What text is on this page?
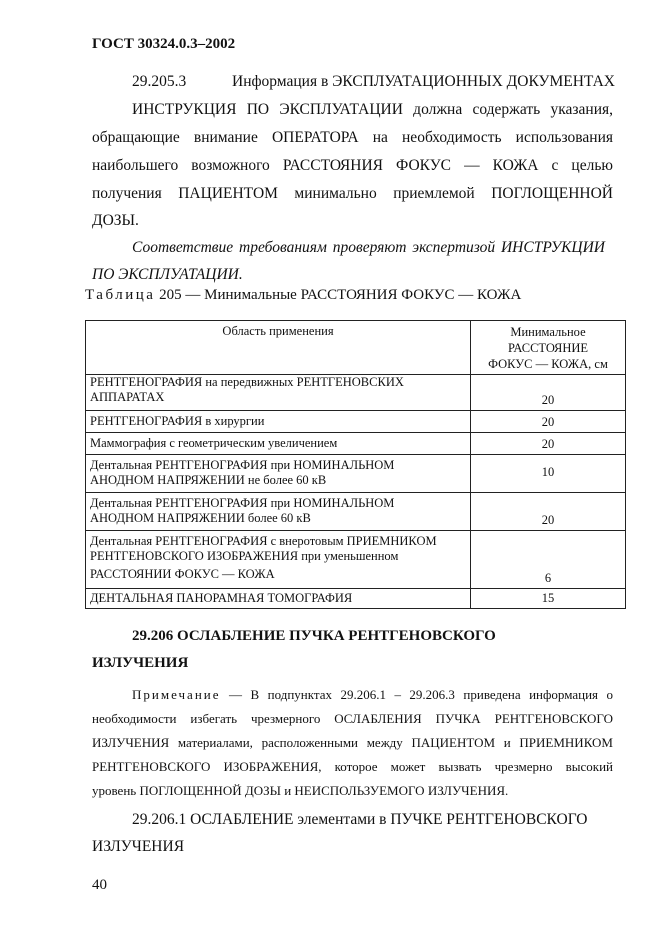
ГОСТ 30324.0.3–2002
29.205.3	Информация в ЭКСПЛУАТАЦИОННЫХ ДОКУМЕНТАХ
ИНСТРУКЦИЯ ПО ЭКСПЛУАТАЦИИ должна содержать указания,
обращающие внимание ОПЕРАТОРА на необходимость использования
наибольшего возможного РАССТОЯНИЯ ФОКУС — КОЖА с целью
получения ПАЦИЕНТОМ минимально приемлемой ПОГЛОЩЕННОЙ
ДОЗЫ.
Соответствие требованиям проверяют экспертизой ИНСТРУКЦИИ
ПО ЭКСПЛУАТАЦИИ.
Таблица 205 — Минимальные РАССТОЯНИЯ ФОКУС — КОЖА
Область применения	Минимальное
РАССТОЯНИЕ
ФОКУС — КОЖА, см

РЕНТГЕНОГРАФИЯ на передвижных РЕНТГЕНОВСКИХ
АППАРАТАХ	20

РЕНТГЕНОГРАФИЯ в хирургии	20

Маммография с геометрическим увеличением	20

Дентальная РЕНТГЕНОГРАФИЯ при НОМИНАЛЬНОМ
АНОДНОМ НАПРЯЖЕНИИ не более 60 кВ	10

Дентальная РЕНТГЕНОГРАФИЯ при НОМИНАЛЬНОМ
АНОДНОМ НАПРЯЖЕНИИ более 60 кВ	20

Дентальная РЕНТГЕНОГРАФИЯ с внеротовым ПРИЕМНИКОМ
РЕНТГЕНОВСКОГО ИЗОБРАЖЕНИЯ при уменьшенном
РАССТОЯНИИ ФОКУС — КОЖА	6

ДЕНТАЛЬНАЯ ПАНОРАМНАЯ ТОМОГРАФИЯ	15
29.206 ОСЛАБЛЕНИЕ ПУЧКА РЕНТГЕНОВСКОГО
ИЗЛУЧЕНИЯ
Примечание — В подпунктах 29.206.1 – 29.206.3 приведена информация о
необходимости избегать чрезмерного ОСЛАБЛЕНИЯ ПУЧКА РЕНТГЕНОВСКОГО
ИЗЛУЧЕНИЯ материалами, расположенными между ПАЦИЕНТОМ и ПРИЕМНИКОМ
РЕНТГЕНОВСКОГО ИЗОБРАЖЕНИЯ, которое может вызвать чрезмерно высокий
уровень ПОГЛОЩЕННОЙ ДОЗЫ и НЕИСПОЛЬЗУЕМОГО ИЗЛУЧЕНИЯ.
29.206.1 ОСЛАБЛЕНИЕ элементами в ПУЧКЕ РЕНТГЕНОВСКОГО
ИЗЛУЧЕНИЯ
40
